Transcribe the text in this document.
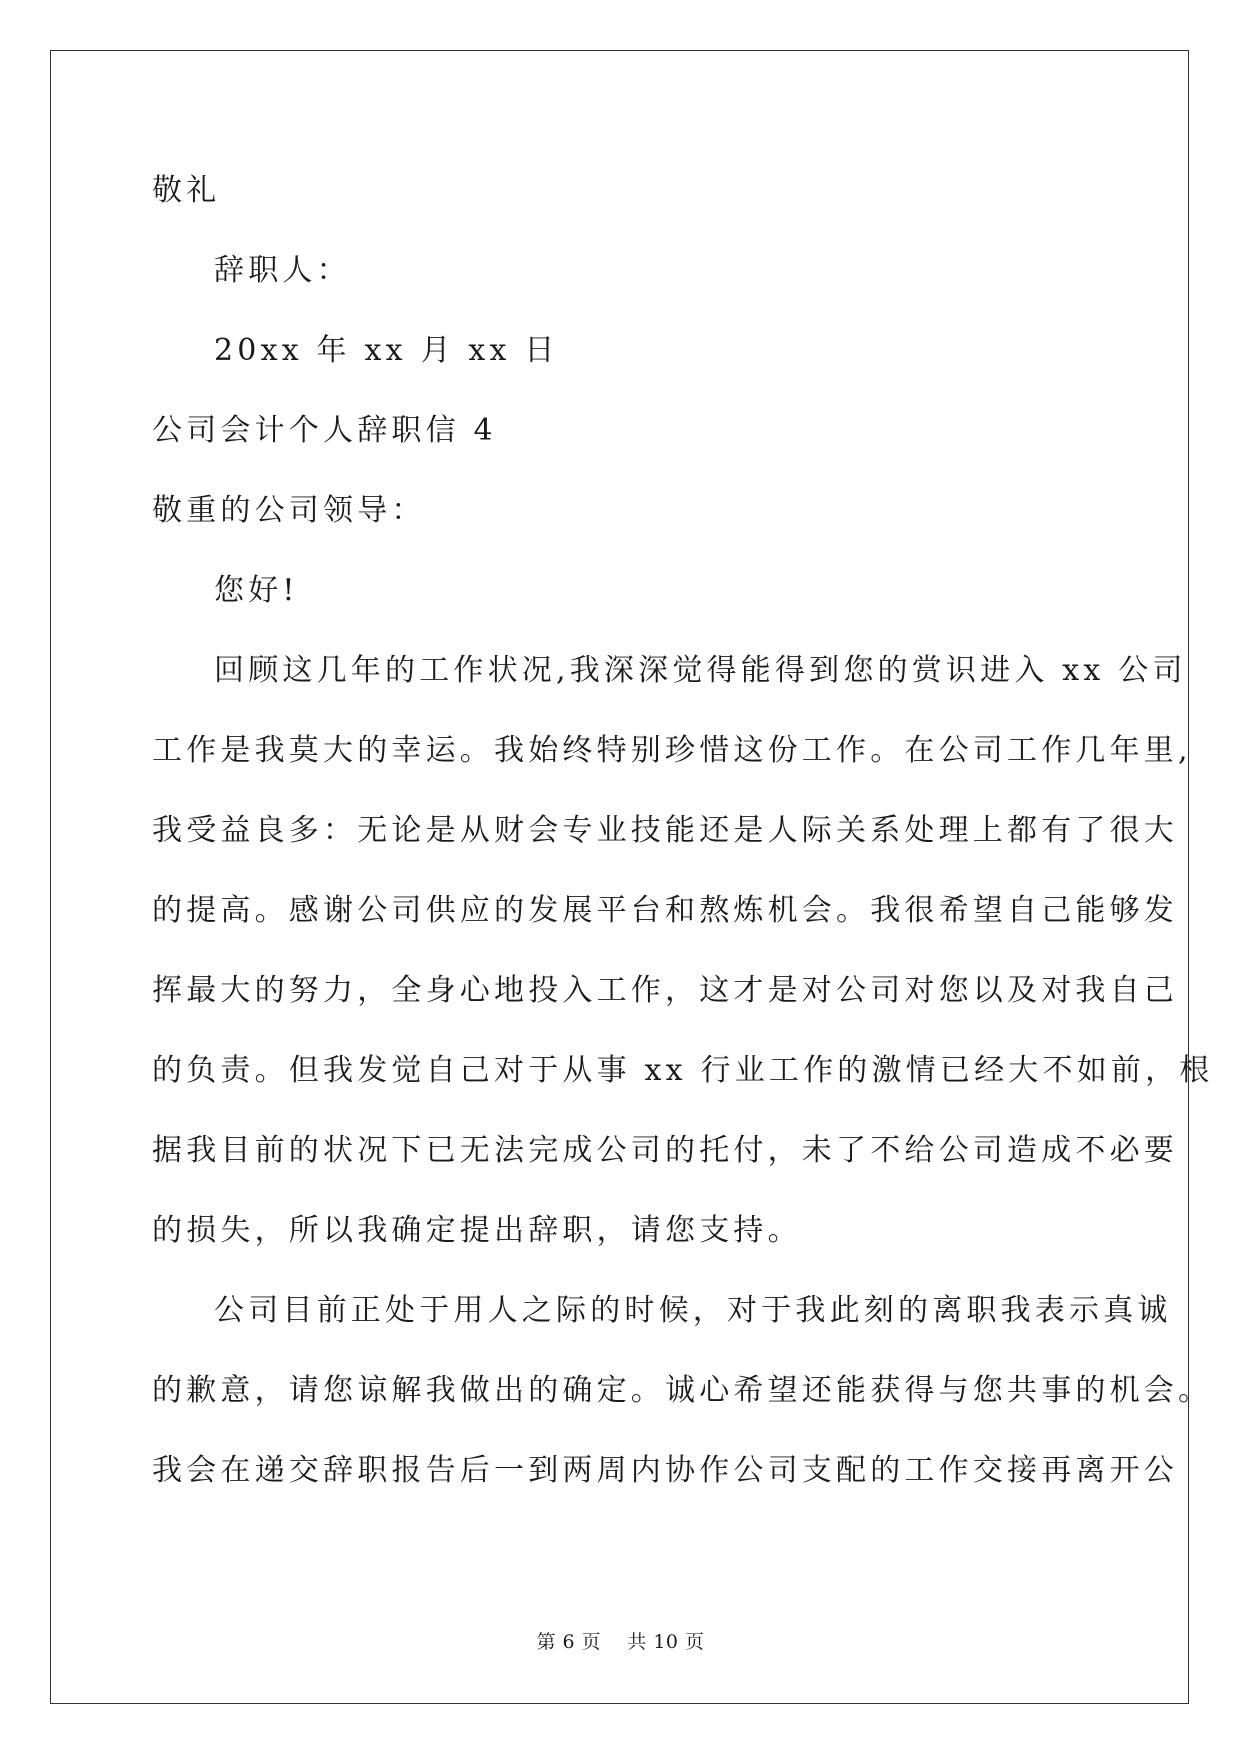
敬礼
辞职人：
20xx 年 xx 月 xx 日
公司会计个人辞职信 4
敬重的公司领导：
您好!
回顾这几年的工作状况,我深深觉得能得到您的赏识进入 xx 公司
工作是我莫大的幸运。我始终特别珍惜这份工作。在公司工作几年里,
我受益良多：无论是从财会专业技能还是人际关系处理上都有了很大
的提高。感谢公司供应的发展平台和熬炼机会。我很希望自己能够发
挥最大的努力，全身心地投入工作，这才是对公司对您以及对我自己
的负责。但我发觉自己对于从事 xx 行业工作的激情已经大不如前，根
据我目前的状况下已无法完成公司的托付，未了不给公司造成不必要
的损失，所以我确定提出辞职，请您支持。
公司目前正处于用人之际的时候，对于我此刻的离职我表示真诚
的歉意，请您谅解我做出的确定。诚心希望还能获得与您共事的机会。
我会在递交辞职报告后一到两周内协作公司支配的工作交接再离开公
第 6 页    共 10 页
